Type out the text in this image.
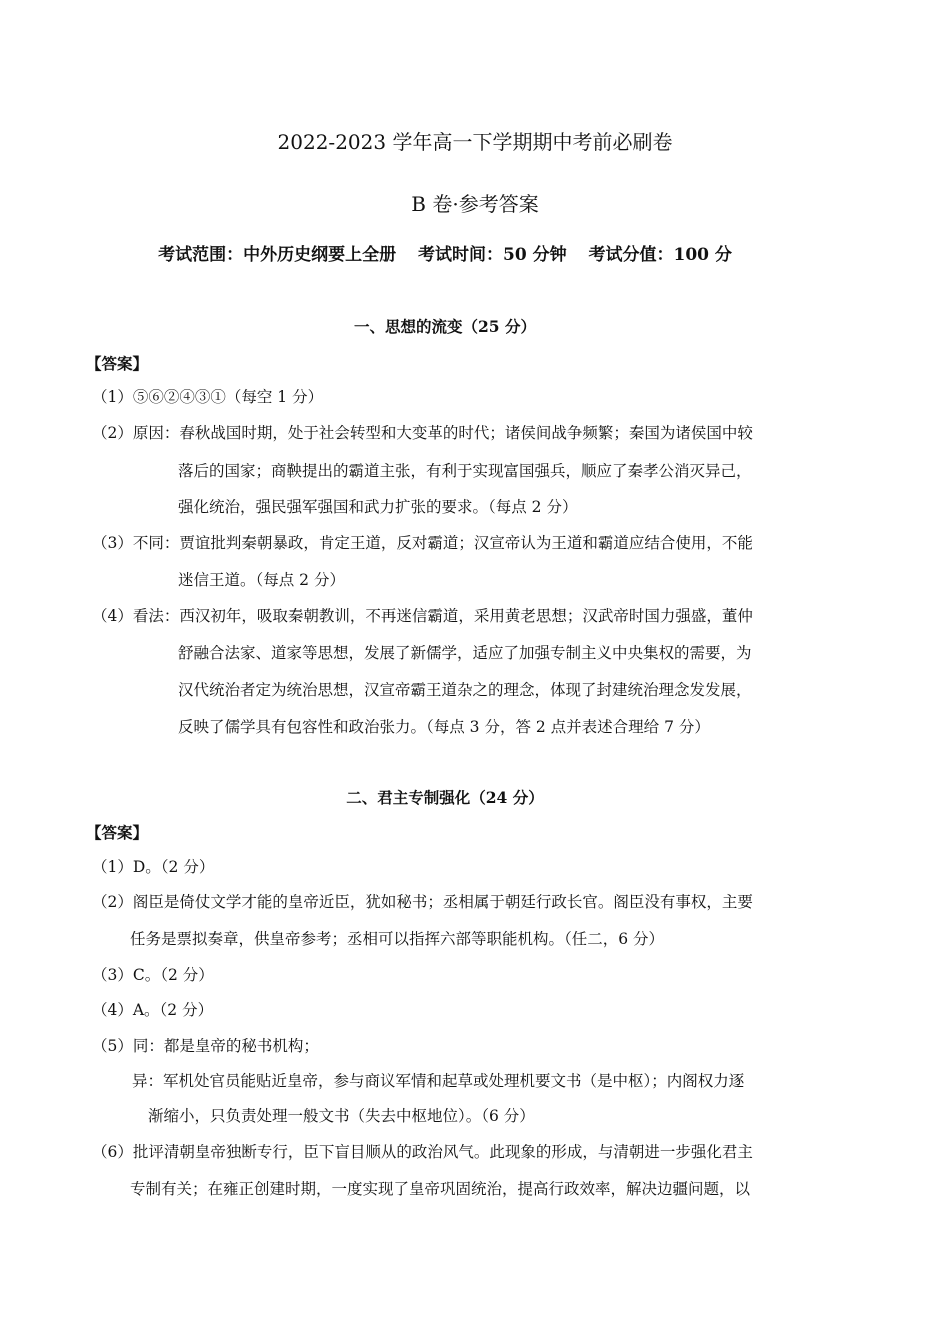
2022-2023 学年高一下学期期中考前必刷卷
B 卷·参考答案
考试范围：中外历史纲要上全册 考试时间：50 分钟 考试分值：100 分
一、思想的流变（25 分）
【答案】
（1）⑤⑥②④③①（每空 1 分）
（2）原因：春秋战国时期，处于社会转型和大变革的时代；诸侯间战争频繁；秦国为诸侯国中较
落后的国家；商鞅提出的霸道主张，有利于实现富国强兵，顺应了秦孝公消灭异己，
强化统治，强民强军强国和武力扩张的要求。（每点 2 分）
（3）不同：贾谊批判秦朝暴政，肯定王道，反对霸道；汉宣帝认为王道和霸道应结合使用，不能
迷信王道。（每点 2 分）
（4）看法：西汉初年，吸取秦朝教训，不再迷信霸道，采用黄老思想；汉武帝时国力强盛，董仲
舒融合法家、道家等思想，发展了新儒学，适应了加强专制主义中央集权的需要，为
汉代统治者定为统治思想，汉宣帝霸王道杂之的理念，体现了封建统治理念发发展，
反映了儒学具有包容性和政治张力。（每点 3 分，答 2 点并表述合理给 7 分）
二、君主专制强化（24 分）
【答案】
（1）D。（2 分）
（2）阁臣是倚仗文学才能的皇帝近臣，犹如秘书；丞相属于朝廷行政长官。阁臣没有事权，主要
任务是票拟奏章，供皇帝参考；丞相可以指挥六部等职能机构。（任二，6 分）
（3）C。（2 分）
（4）A。（2 分）
（5）同：都是皇帝的秘书机构；
异：军机处官员能贴近皇帝，参与商议军情和起草或处理机要文书（是中枢）；内阁权力逐
渐缩小，只负责处理一般文书（失去中枢地位）。（6 分）
（6）批评清朝皇帝独断专行，臣下盲目顺从的政治风气。此现象的形成，与清朝进一步强化君主
专制有关；在雍正创建时期，一度实现了皇帝巩固统治，提高行政效率，解决边疆问题，以
